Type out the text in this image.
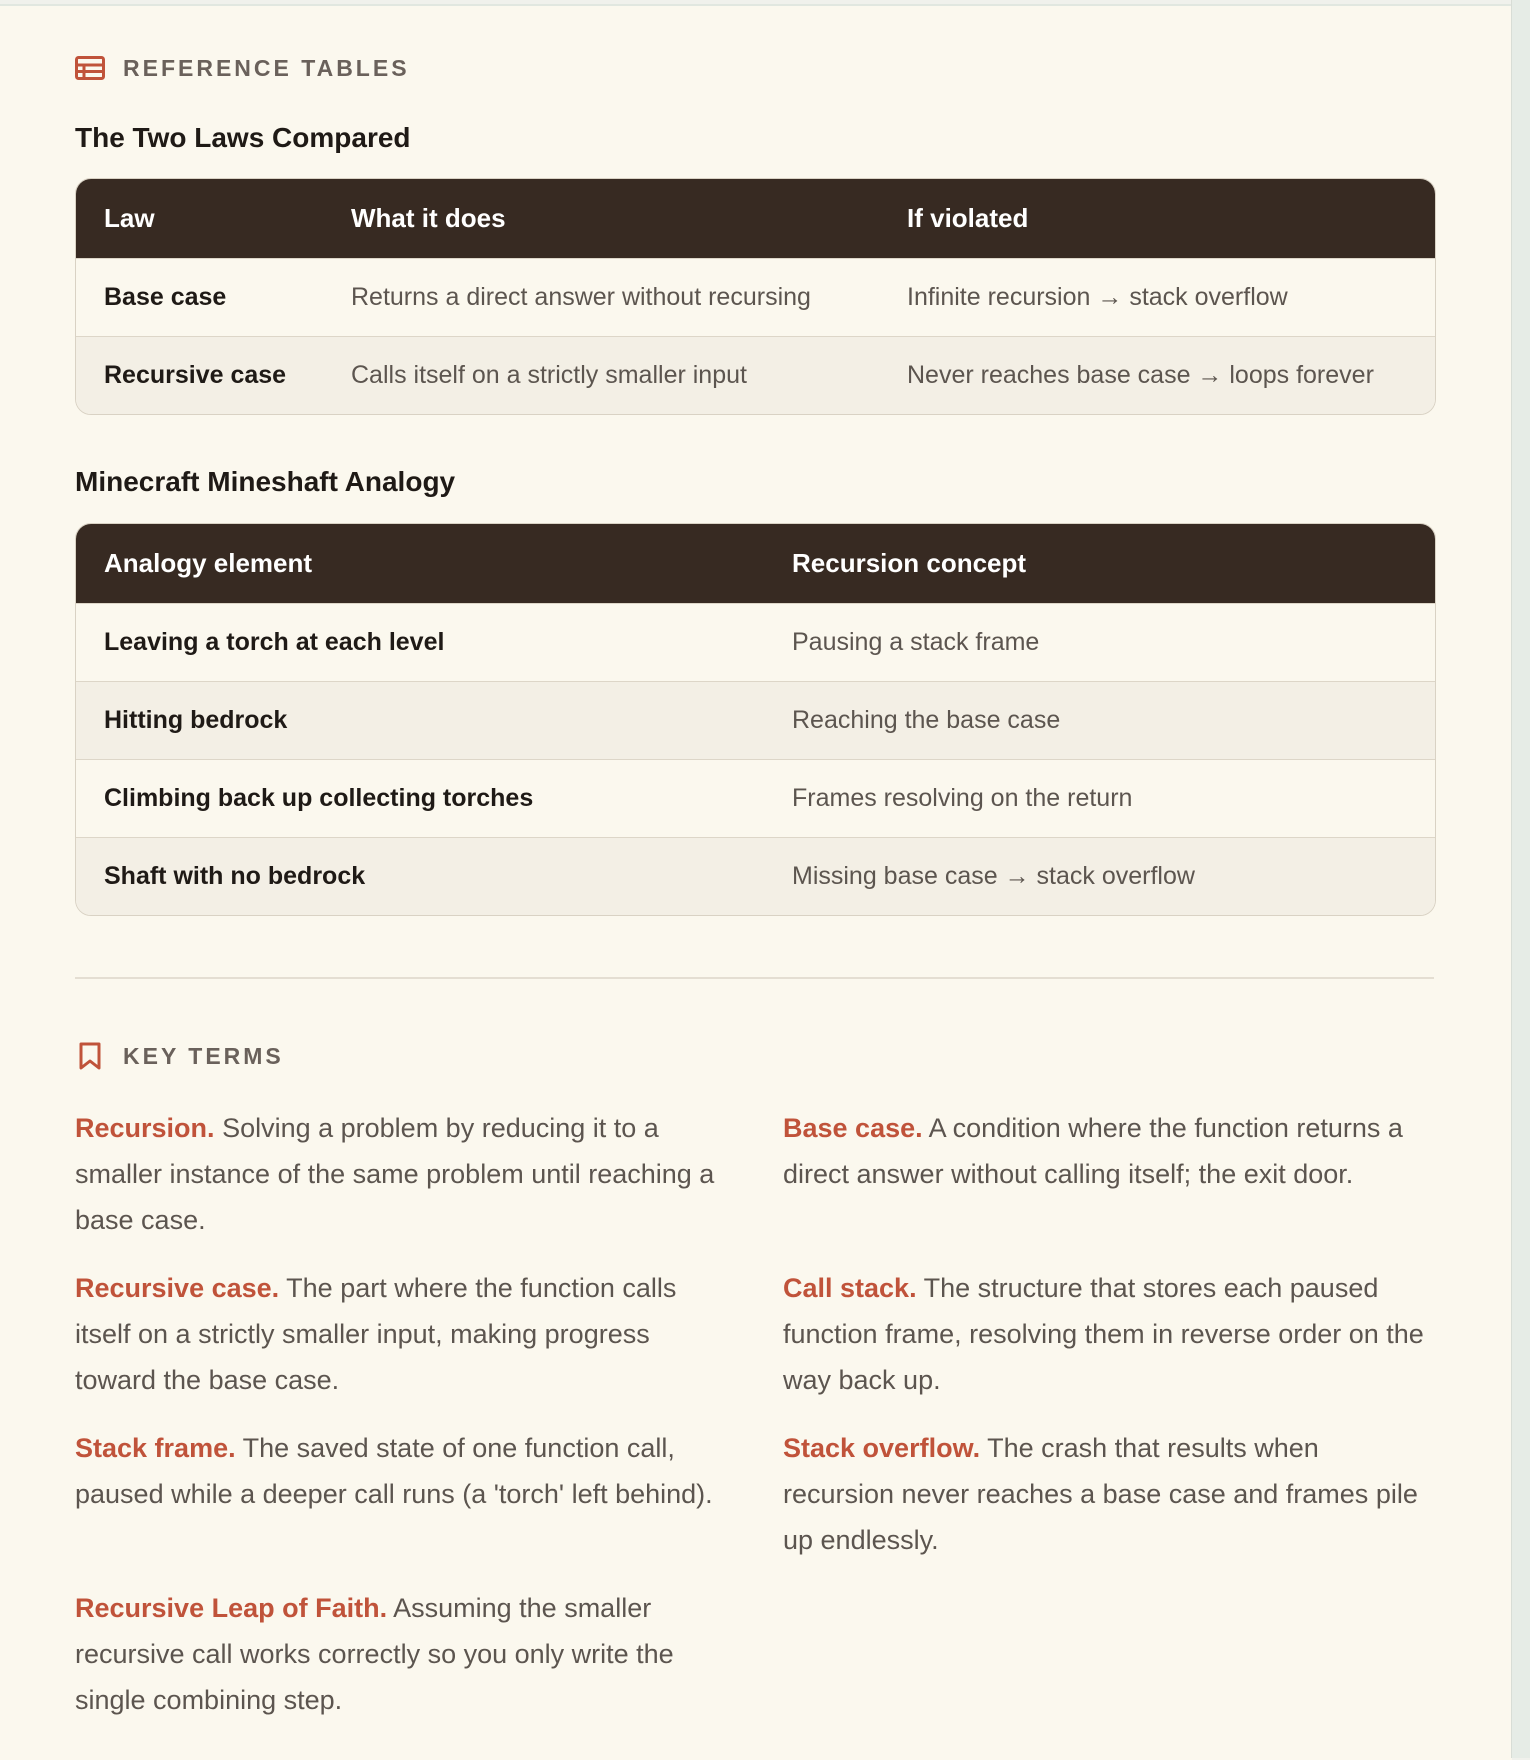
REFERENCE TABLES
The Two Laws Compared
Law	What it does	If violated
Base case	Returns a direct answer without recursing	Infinite recursion → stack overflow
Recursive case	Calls itself on a strictly smaller input	Never reaches base case → loops forever
Minecraft Mineshaft Analogy
Analogy element	Recursion concept
Leaving a torch at each level	Pausing a stack frame
Hitting bedrock	Reaching the base case
Climbing back up collecting torches	Frames resolving on the return
Shaft with no bedrock	Missing base case → stack overflow
KEY TERMS
Recursion. Solving a problem by reducing it to a smaller instance of the same problem until reaching a base case.
Base case. A condition where the function returns a direct answer without calling itself; the exit door.
Recursive case. The part where the function calls itself on a strictly smaller input, making progress toward the base case.
Call stack. The structure that stores each paused function frame, resolving them in reverse order on the way back up.
Stack frame. The saved state of one function call, paused while a deeper call runs (a 'torch' left behind).
Stack overflow. The crash that results when recursion never reaches a base case and frames pile up endlessly.
Recursive Leap of Faith. Assuming the smaller recursive call works correctly so you only write the single combining step.
